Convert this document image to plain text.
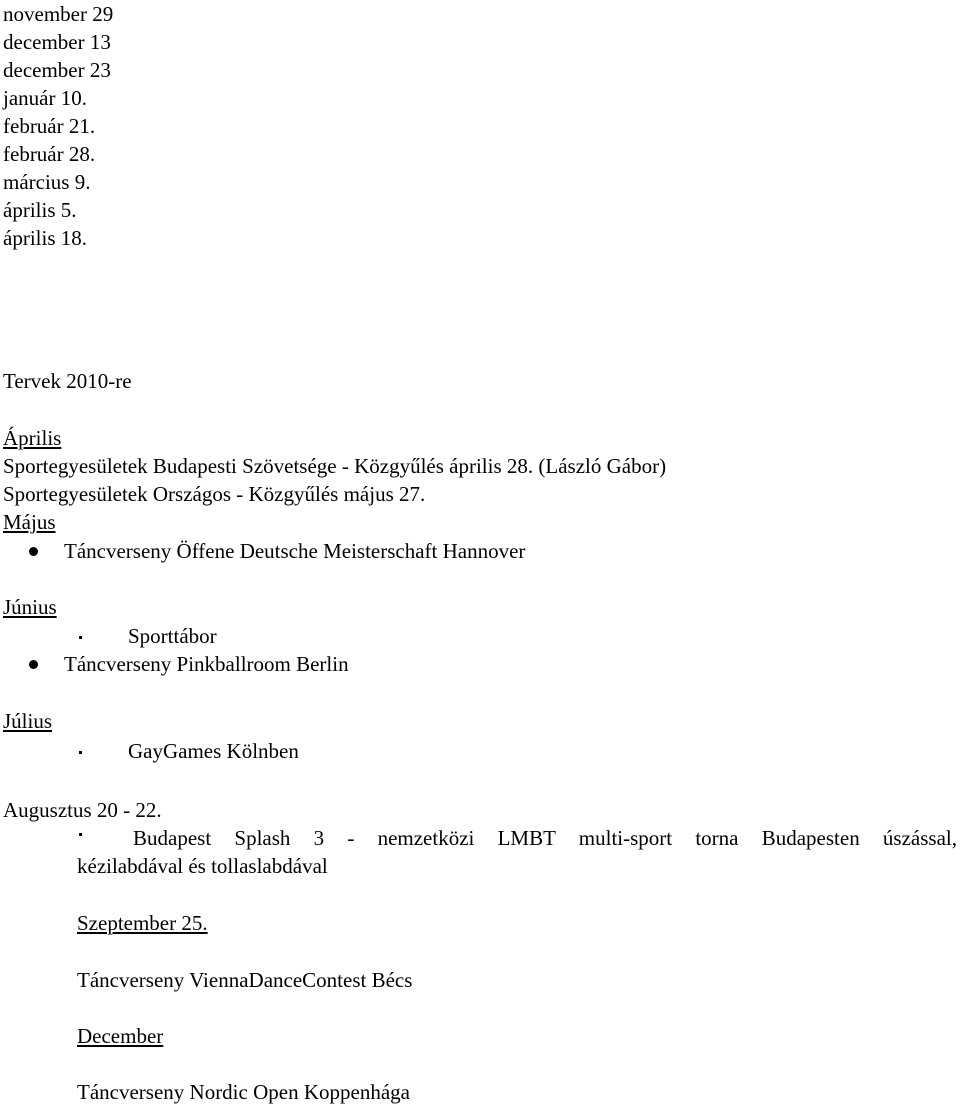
november 29
december 13
december 23
január 10.
február 21.
február 28.
március 9.
április 5.
április 18.
Tervek 2010-re
Április
Sportegyesületek Budapesti Szövetsége - Közgyűlés április 28. (László Gábor)
Sportegyesületek Országos - Közgyűlés május 27.
Május
Táncverseny Öffene Deutsche Meisterschaft Hannover
Június
Sporttábor
Táncverseny Pinkballroom Berlin
Július
GayGames Kölnben
Augusztus 20 - 22.
Budapest Splash 3 - nemzetközi LMBT multi-sport torna Budapesten úszással,
kézilabdával és tollaslabdával
Szeptember 25.
Táncverseny ViennaDanceContest Bécs
December
Táncverseny Nordic Open Koppenhága
